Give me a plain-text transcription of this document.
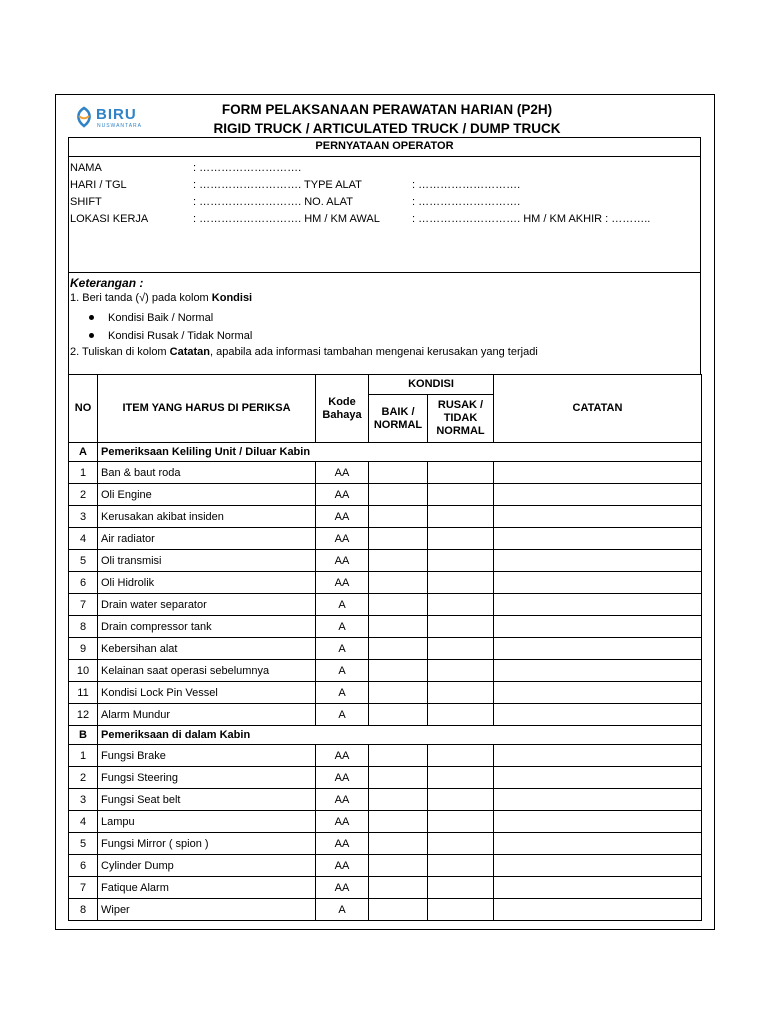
BIRU
NUSWANTARA
FORM PELAKSANAAN PERAWATAN HARIAN (P2H)
RIGID TRUCK / ARTICULATED TRUCK / DUMP TRUCK
PERNYATAAN OPERATOR
NAMA	: ……………………….
HARI / TGL	: ………………………. TYPE ALAT	: ……………………….
SHIFT	: ………………………. NO. ALAT	: ……………………….
LOKASI KERJA	: ………………………. HM / KM AWAL	: ………………………. HM / KM AKHIR : ………..
Keterangan :
1. Beri tanda (√) pada kolom Kondisi
Kondisi Baik / Normal
Kondisi Rusak / Tidak Normal
2. Tuliskan di kolom Catatan, apabila ada informasi tambahan mengenai kerusakan yang terjadi
NO	ITEM YANG HARUS DI PERIKSA	Kode Bahaya	KONDISI		CATATAN
			BAIK / NORMAL	RUSAK / TIDAK NORMAL	
A	Pemeriksaan Keliling Unit / Diluar Kabin				
1	Ban & baut roda	AA			
2	Oli Engine	AA			
3	Kerusakan akibat insiden	AA			
4	Air radiator	AA			
5	Oli transmisi	AA			
6	Oli Hidrolik	AA			
7	Drain water separator	A			
8	Drain compressor tank	A			
9	Kebersihan alat	A			
10	Kelainan saat operasi sebelumnya	A			
11	Kondisi Lock Pin Vessel	A			
12	Alarm Mundur	A			
B	Pemeriksaan di dalam Kabin				
1	Fungsi Brake	AA			
2	Fungsi Steering	AA			
3	Fungsi Seat belt	AA			
4	Lampu	AA			
5	Fungsi Mirror ( spion )	AA			
6	Cylinder Dump	AA			
7	Fatique Alarm	AA			
8	Wiper	A			
